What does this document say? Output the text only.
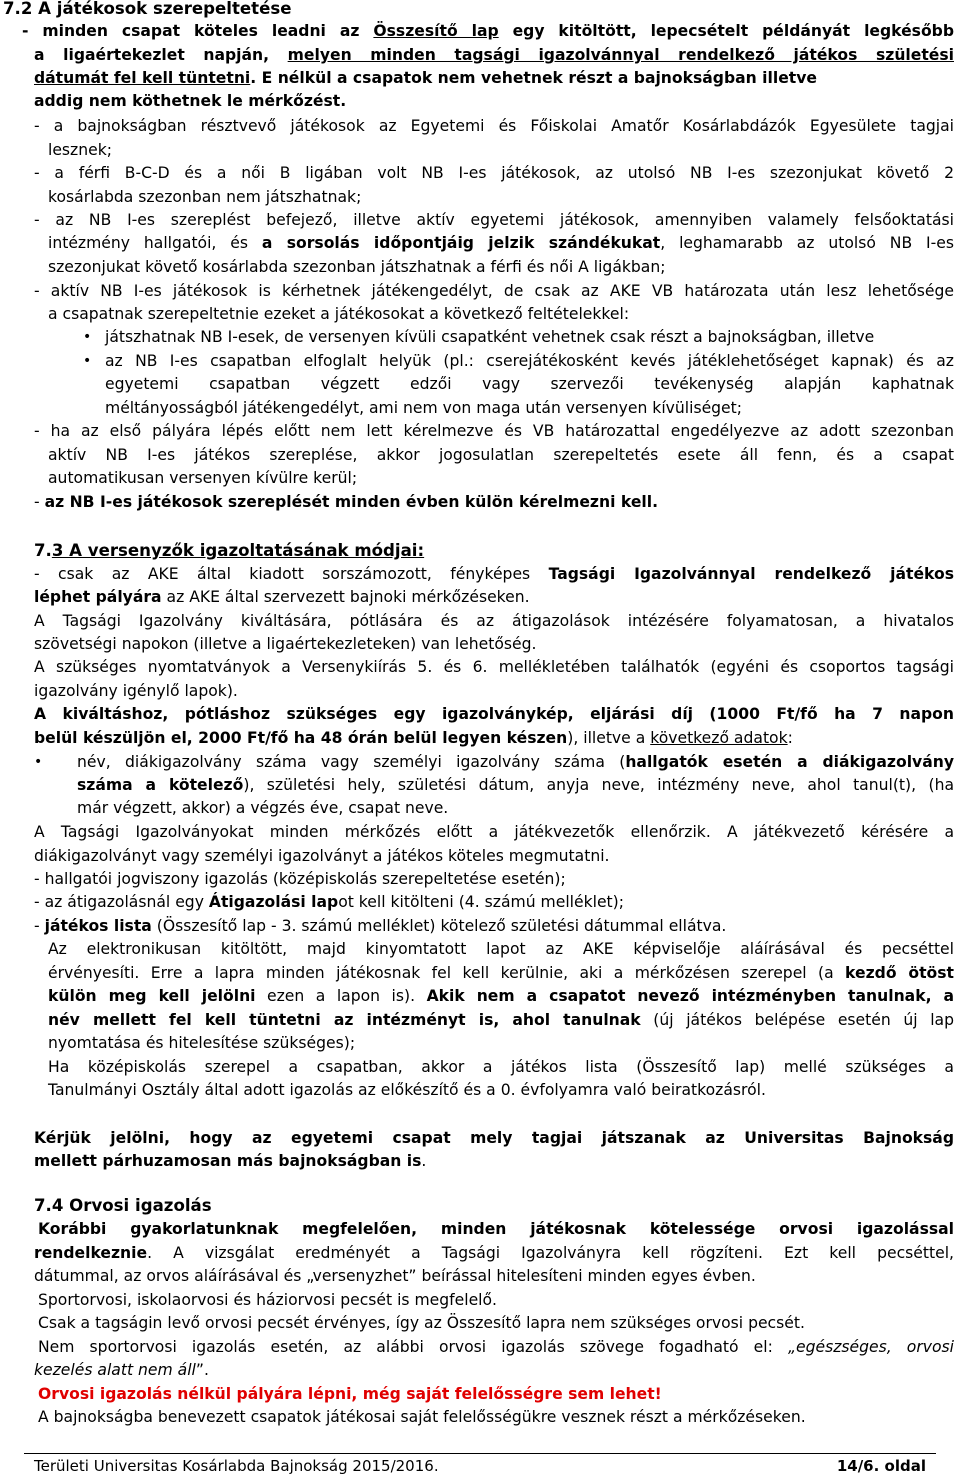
7.2 A játékosok szerepeltetése
- minden csapat köteles leadni az Összesítő lap egy kitöltött, lepecsételt példányát legkésőbb
a ligaértekezlet napján, melyen minden tagsági igazolvánnyal rendelkező játékos születési
dátumát fel kell tüntetni. E nélkül a csapatok nem vehetnek részt a bajnokságban illetve
addig nem köthetnek le mérkőzést.
- a bajnokságban résztvevő játékosok az Egyetemi és Főiskolai Amatőr Kosárlabdázók Egyesülete tagjai
lesznek;
- a férfi B-C-D és a női B ligában volt NB I-es játékosok, az utolsó NB I-es szezonjukat követő 2
kosárlabda szezonban nem játszhatnak;
- az NB I-es szereplést befejező, illetve aktív egyetemi játékosok, amennyiben valamely felsőoktatási
intézmény hallgatói, és a sorsolás időpontjáig jelzik szándékukat, leghamarabb az utolsó NB I-es
szezonjukat követő kosárlabda szezonban játszhatnak a férfi és női A ligákban;
- aktív NB I-es játékosok is kérhetnek játékengedélyt, de csak az AKE VB határozata után lesz lehetősége
a csapatnak szerepeltetnie ezeket a játékosokat a következő feltételekkel:
• játszhatnak NB I-esek, de versenyen kívüli csapatként vehetnek csak részt a bajnokságban, illetve
• az NB I-es csapatban elfoglalt helyük (pl.: cserejátékosként kevés játéklehetőséget kapnak) és az
egyetemi csapatban végzett edzői vagy szervezői tevékenység alapján kaphatnak
méltányosságból játékengedélyt, ami nem von maga után versenyen kívüliséget;
- ha az első pályára lépés előtt nem lett kérelmezve és VB határozattal engedélyezve az adott szezonban
aktív NB I-es játékos szereplése, akkor jogosulatlan szerepeltetés esete áll fenn, és a csapat
automatikusan versenyen kívülre kerül;
- az NB I-es játékosok szereplését minden évben külön kérelmezni kell.
7.3 A versenyzők igazoltatásának módjai:
- csak az AKE által kiadott sorszámozott, fényképes Tagsági Igazolvánnyal rendelkező játékos
léphet pályára az AKE által szervezett bajnoki mérkőzéseken.
A Tagsági Igazolvány kiváltására, pótlására és az átigazolások intézésére folyamatosan, a hivatalos
szövetségi napokon (illetve a ligaértekezleteken) van lehetőség.
A szükséges nyomtatványok a Versenykiírás 5. és 6. mellékletében találhatók (egyéni és csoportos tagsági
igazolvány igénylő lapok).
A kiváltáshoz, pótláshoz szükséges egy igazolványkép, eljárási díj (1000 Ft/fő ha 7 napon
belül készüljön el, 2000 Ft/fő ha 48 órán belül legyen készen), illetve a következő adatok:
• név, diákigazolvány száma vagy személyi igazolvány száma (hallgatók esetén a diákigazolvány
száma a kötelező), születési hely, születési dátum, anyja neve, intézmény neve, ahol tanul(t), (ha
már végzett, akkor) a végzés éve, csapat neve.
A Tagsági Igazolványokat minden mérkőzés előtt a játékvezetők ellenőrzik. A játékvezető kérésére a
diákigazolványt vagy személyi igazolványt a játékos köteles megmutatni.
- hallgatói jogviszony igazolás (középiskolás szerepeltetése esetén);
- az átigazolásnál egy Átigazolási lapot kell kitölteni (4. számú melléklet);
- játékos lista (Összesítő lap - 3. számú melléklet) kötelező születési dátummal ellátva.
Az elektronikusan kitöltött, majd kinyomtatott lapot az AKE képviselője aláírásával és pecséttel
érvényesíti. Erre a lapra minden játékosnak fel kell kerülnie, aki a mérkőzésen szerepel (a kezdő ötöst
külön meg kell jelölni ezen a lapon is). Akik nem a csapatot nevező intézményben tanulnak, a
név mellett fel kell tüntetni az intézményt is, ahol tanulnak (új játékos belépése esetén új lap
nyomtatása és hitelesítése szükséges);
Ha középiskolás szerepel a csapatban, akkor a játékos lista (Összesítő lap) mellé szükséges a
Tanulmányi Osztály által adott igazolás az előkészítő és a 0. évfolyamra való beiratkozásról.
Kérjük jelölni, hogy az egyetemi csapat mely tagjai játszanak az Universitas Bajnokság
mellett párhuzamosan más bajnokságban is.
7.4 Orvosi igazolás
Korábbi gyakorlatunknak megfelelően, minden játékosnak kötelessége orvosi igazolással
rendelkeznie. A vizsgálat eredményét a Tagsági Igazolványra kell rögzíteni. Ezt kell pecséttel,
dátummal, az orvos aláírásával és „versenyzhet” beírással hitelesíteni minden egyes évben.
Sportorvosi, iskolaorvosi és háziorvosi pecsét is megfelelő.
Csak a tagságin levő orvosi pecsét érvényes, így az Összesítő lapra nem szükséges orvosi pecsét.
Nem sportorvosi igazolás esetén, az alábbi orvosi igazolás szövege fogadható el: „egészséges, orvosi
kezelés alatt nem áll”.
Orvosi igazolás nélkül pályára lépni, még saját felelősségre sem lehet!
A bajnokságba benevezett csapatok játékosai saját felelősségükre vesznek részt a mérkőzéseken.
Területi Universitas Kosárlabda Bajnokság 2015/2016.	14/6. oldal
